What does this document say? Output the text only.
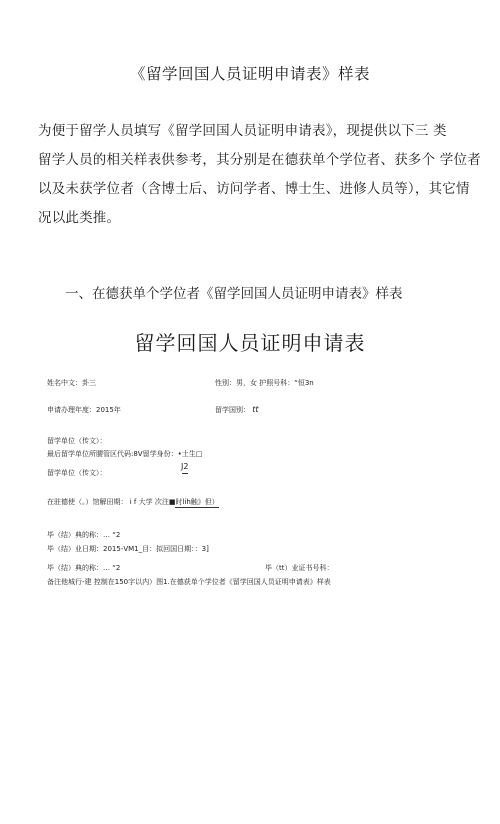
《留学回国人员证明申请表》样表
为便于留学人员填写《留学回国人员证明申请表》，现提供以下三 类
留学人员的相关样表供参考，其分别是在德获单个学位者、获多个 学位者
以及未获学位者（含博士后、访问学者、博士生、进修人员等），其它情
况以此类推。
一、在德获单个学位者《留学回国人员证明申请表》样表
留学回国人员证明申请表
姓名中文：卦三	性别：男，女 护照号科：“恒3n
申请办理年度：2015年	留学国别： tt
留学单位（传文）：
最后留学单位所腰管区代码:8V留学身份：•土生□
留学单位（传文）：
J2
在驻德使（。）馆解田期： i f 大学 次注■时lih触》但）
毕（结）典的称：… “2
毕（结）业日期：2015-VM1_目：拟回国日期：：3]
毕（结）典的称：… “2	毕（tt）业证书号科：
备注他城行-建 控制在150字以内）图1.在德获单个学位者《留学回国人员证明申请表》样表
